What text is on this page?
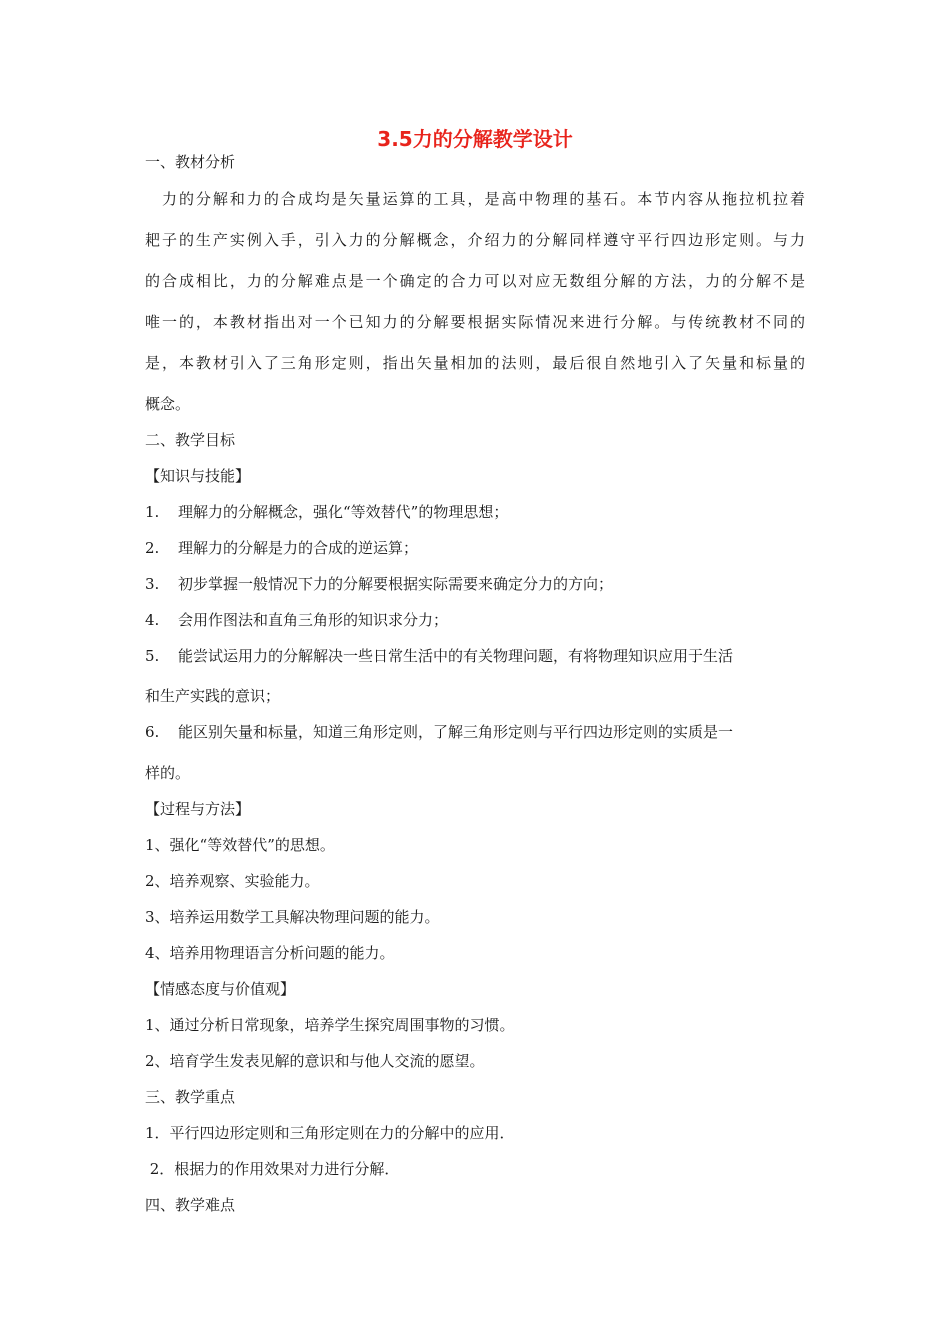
3.5力的分解教学设计
一、教材分析
　力的分解和力的合成均是矢量运算的工具，是高中物理的基石。本节内容从拖拉机拉着
耙子的生产实例入手，引入力的分解概念，介绍力的分解同样遵守平行四边形定则。与力
的合成相比，力的分解难点是一个确定的合力可以对应无数组分解的方法，力的分解不是
唯一的，本教材指出对一个已知力的分解要根据实际情况来进行分解。与传统教材不同的
是，本教材引入了三角形定则，指出矢量相加的法则，最后很自然地引入了矢量和标量的
概念。
二、教学目标
【知识与技能】
1. 理解力的分解概念，强化“等效替代”的物理思想；
2. 理解力的分解是力的合成的逆运算；
3. 初步掌握一般情况下力的分解要根据实际需要来确定分力的方向；
4. 会用作图法和直角三角形的知识求分力；
5. 能尝试运用力的分解解决一些日常生活中的有关物理问题，有将物理知识应用于生活
和生产实践的意识；
6. 能区别矢量和标量，知道三角形定则，了解三角形定则与平行四边形定则的实质是一
样的。
【过程与方法】
1、强化“等效替代”的思想。
2、培养观察、实验能力。
3、培养运用数学工具解决物理问题的能力。
4、培养用物理语言分析问题的能力。
【情感态度与价值观】
1、通过分析日常现象，培养学生探究周围事物的习惯。
2、培育学生发表见解的意识和与他人交流的愿望。
三、教学重点
1．平行四边形定则和三角形定则在力的分解中的应用．
2．根据力的作用效果对力进行分解．
四、教学难点
